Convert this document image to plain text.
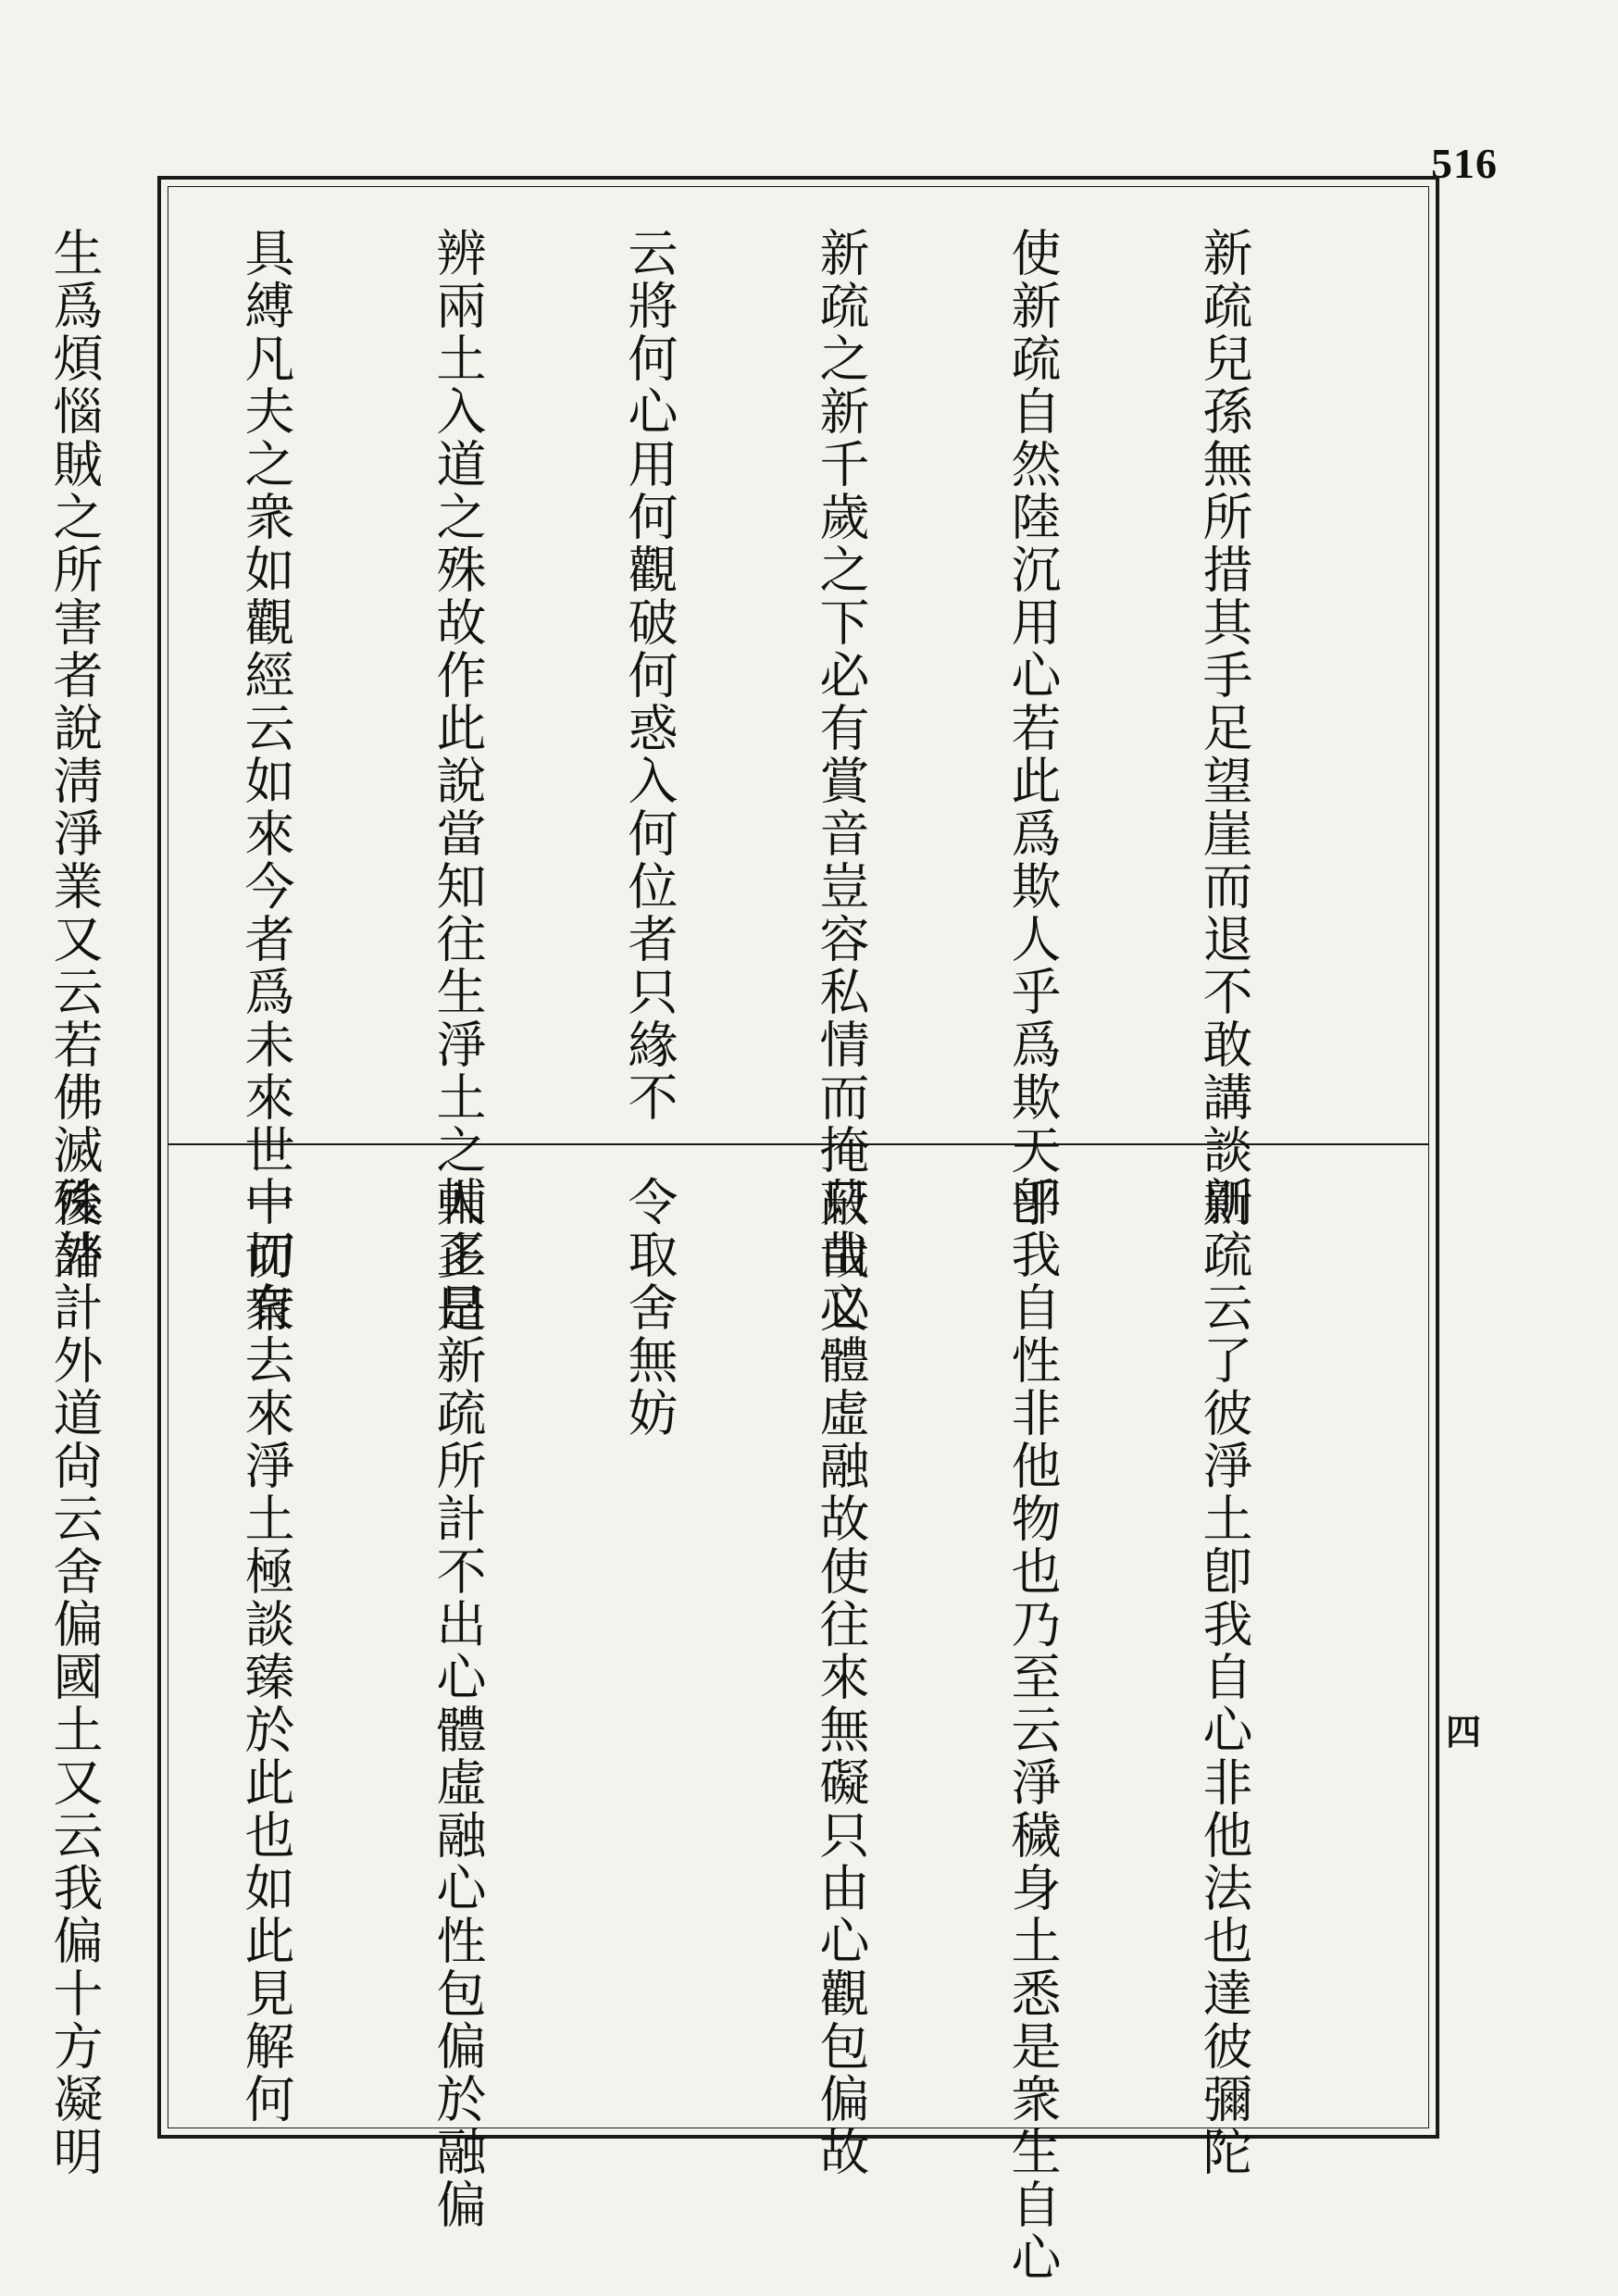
516
四

新疏兒孫無所措其手足望崖而退不敢講談則

使新疏自然陸沉用心若此爲欺人乎爲欺天乎

新疏之新千歲之下必有賞音豈容私情而掩蔽哉又

云將何心用何觀破何惑入何位者只緣不

辨兩土入道之殊故作此說當知往生淨土之人多是

具縛凡夫之衆如觀經云如來今者爲未來世一切衆

生爲煩惱賊之所害者說淸淨業又云若佛滅後諸

新疏云了彼淨土卽我自心非他法也達彼彌陀

卽我自性非他物也乃至云淨穢身土悉是衆生自心

只由心體虛融故使往來無礙只由心觀包偏故

令取舍無妨

輔正曰新疏所計不出心體虛融心性包偏於融偏

中而有去來淨土極談臻於此也如此見解何

殊外計外道尙云舍偏國土又云我偏十方凝明
